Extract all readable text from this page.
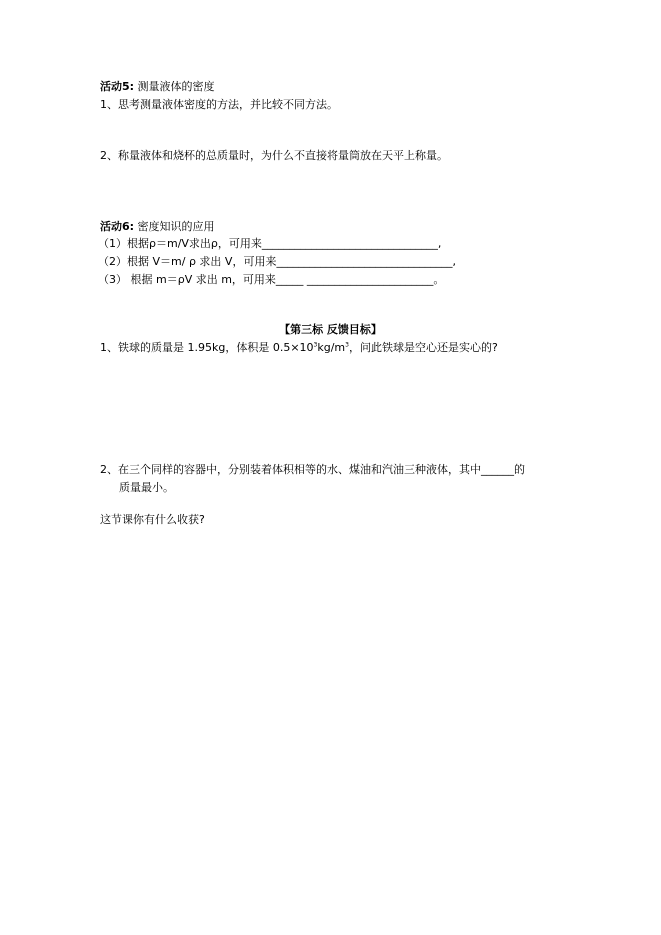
活动5: 测量液体的密度
1、思考测量液体密度的方法，并比较不同方法。
2、称量液体和烧杯的总质量时，为什么不直接将量筒放在天平上称量。
活动6: 密度知识的应用
（1）根据ρ＝m/V求出ρ，可用来________________________________,
（2）根据 V＝m/ ρ 求出 V，可用来________________________________,
（3） 根据 m＝ρV 求出 m，可用来_____ _______________________。
【第三标 反馈目标】
1、铁球的质量是 1.95kg，体积是 $0.5\times 10^3kg/m^3$，问此铁球是空心还是实心的?
2、在三个同样的容器中，分别装着体积相等的水、煤油和汽油三种液体，其中______的
质量最小。
这节课你有什么收获?
